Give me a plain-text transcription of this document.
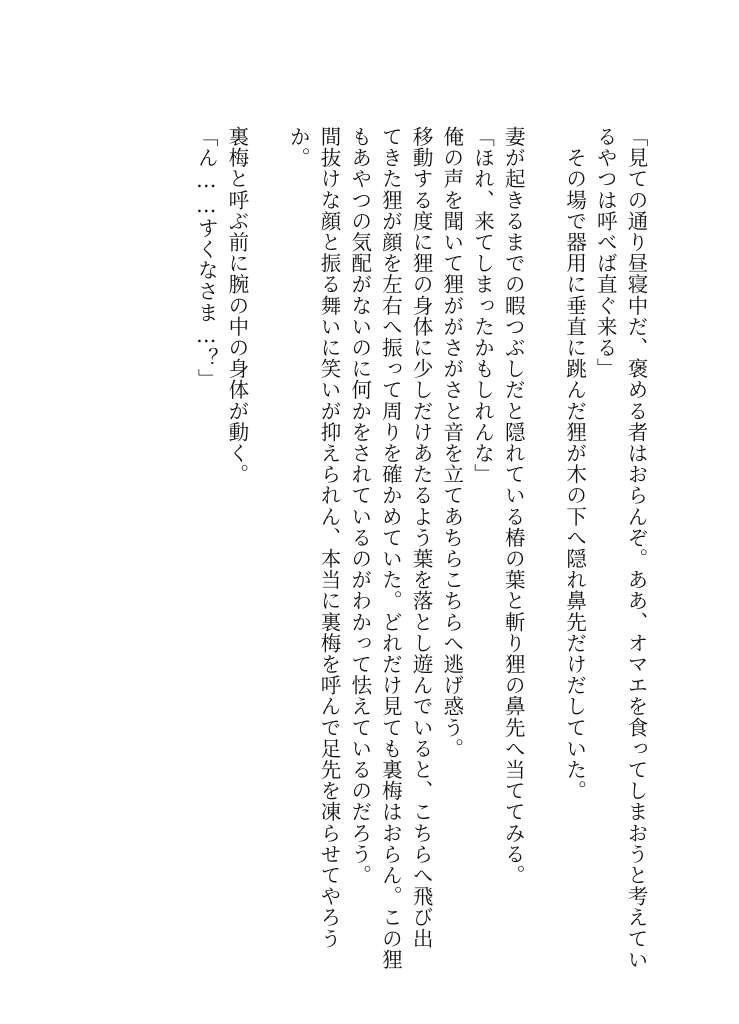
「見ての通り昼寝中だ、褒める者はおらんぞ。ああ、オマエを食ってしまおうと考えてい
るやつは呼べば直ぐ来る」
　その場で器用に垂直に跳んだ狸が木の下へ隠れ鼻先だけだしていた。
妻が起きるまでの暇つぶしだと隠れている椿の葉と斬り狸の鼻先へ当ててみる。
「ほれ、来てしまったかもしれんな」
俺の声を聞いて狸ががさがさと音を立てあちらこちらへ逃げ惑う。
移動する度に狸の身体に少しだけあたるよう葉を落とし遊んでいると、こちらへ飛び出
てきた狸が顔を左右へ振って周りを確かめていた。どれだけ見ても裏梅はおらん。この狸
もあやつの気配がないのに何かをされているのがわかって怯えているのだろう。
間抜けな顔と振る舞いに笑いが抑えられん、本当に裏梅を呼んで足先を凍らせてやろう
か。
裏梅と呼ぶ前に腕の中の身体が動く。
「ん……すくなさま…？」
